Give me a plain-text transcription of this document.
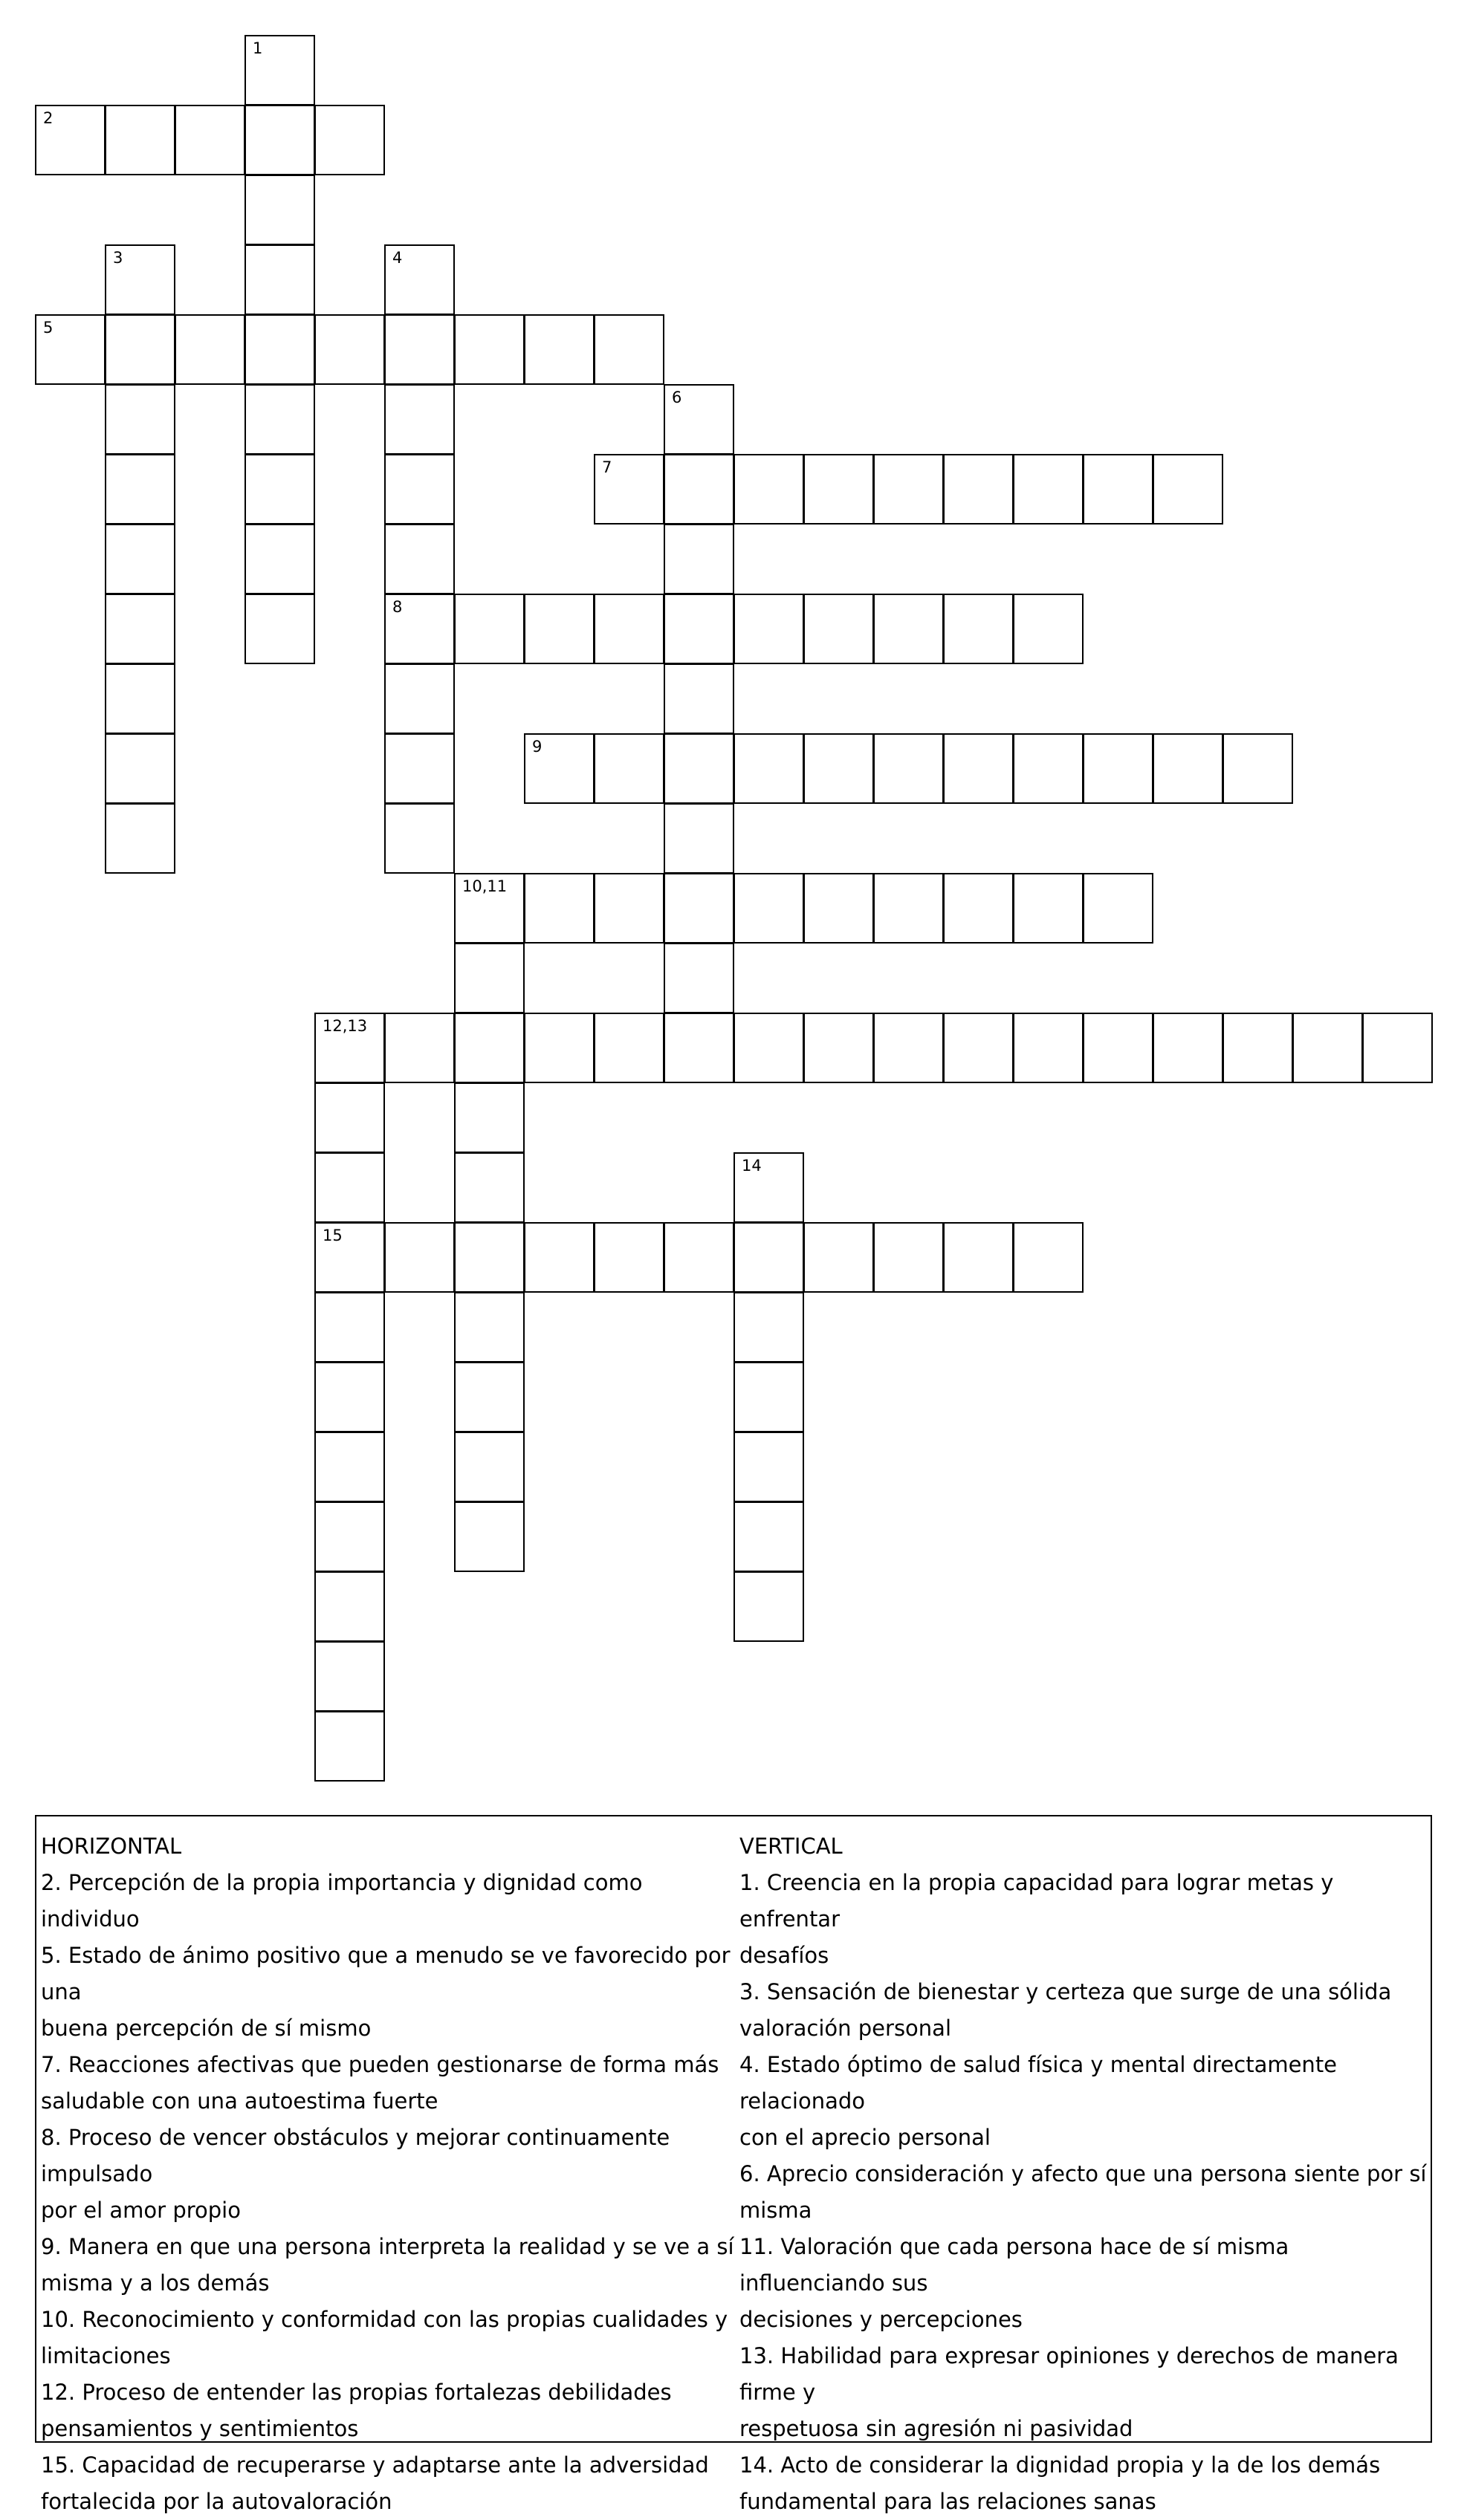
1
2
3	4
5
6
7
8
9
10,11
12,13
14
15

HORIZONTAL

2. Percepción de la propia importancia y dignidad como individuo

5. Estado de ánimo positivo que a menudo se ve favorecido por una

buena percepción de sí mismo

7. Reacciones afectivas que pueden gestionarse de forma más

saludable con una autoestima fuerte

8. Proceso de vencer obstáculos y mejorar continuamente impulsado

por el amor propio

9. Manera en que una persona interpreta la realidad y se ve a sí

misma y a los demás

10. Reconocimiento y conformidad con las propias cualidades y

limitaciones

12. Proceso de entender las propias fortalezas debilidades

pensamientos y sentimientos

15. Capacidad de recuperarse y adaptarse ante la adversidad

fortalecida por la autovaloración

VERTICAL

1. Creencia en la propia capacidad para lograr metas y enfrentar

desafíos

3. Sensación de bienestar y certeza que surge de una sólida

valoración personal

4. Estado óptimo de salud física y mental directamente relacionado

con el aprecio personal

6. Aprecio consideración y afecto que una persona siente por sí

misma

11. Valoración que cada persona hace de sí misma influenciando sus

decisiones y percepciones

13. Habilidad para expresar opiniones y derechos de manera firme y

respetuosa sin agresión ni pasividad

14. Acto de considerar la dignidad propia y la de los demás

fundamental para las relaciones sanas
